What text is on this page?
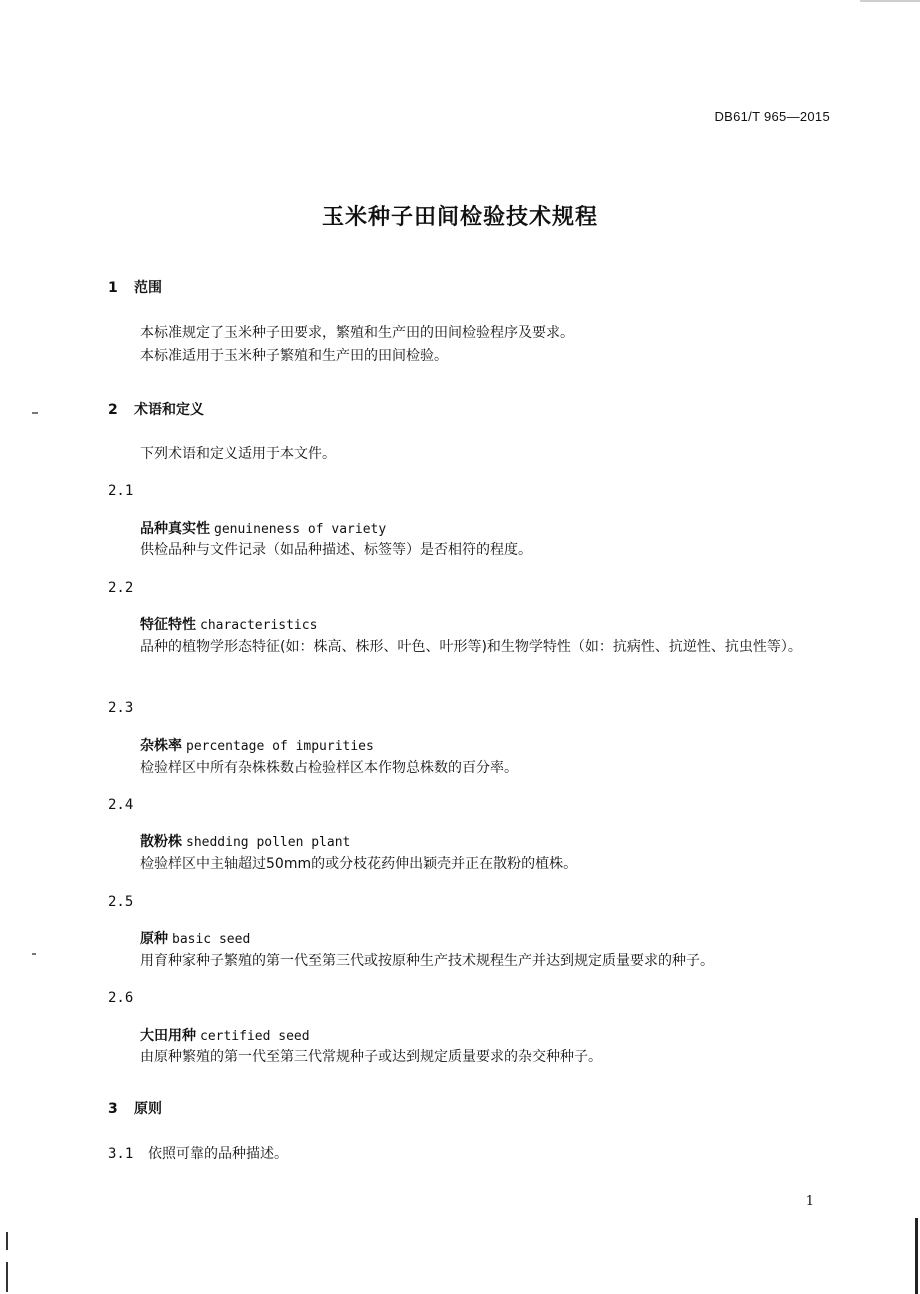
DB61/T 965—2015
玉米种子田间检验技术规程
1 范围
本标准规定了玉米种子田要求，繁殖和生产田的田间检验程序及要求。
本标准适用于玉米种子繁殖和生产田的田间检验。
2 术语和定义
下列术语和定义适用于本文件。
2.1
品种真实性 genuineness of variety
供检品种与文件记录（如品种描述、标签等）是否相符的程度。
2.2
特征特性 characteristics
品种的植物学形态特征(如：株高、株形、叶色、叶形等)和生物学特性（如：抗病性、抗逆性、抗虫性等）。
2.3
杂株率 percentage of impurities
检验样区中所有杂株株数占检验样区本作物总株数的百分率。
2.4
散粉株 shedding pollen plant
检验样区中主轴超过50mm的或分枝花药伸出颖壳并正在散粉的植株。
2.5
原种 basic seed
用育种家种子繁殖的第一代至第三代或按原种生产技术规程生产并达到规定质量要求的种子。
2.6
大田用种 certified seed
由原种繁殖的第一代至第三代常规种子或达到规定质量要求的杂交种种子。
3 原则
3.1 依照可靠的品种描述。
1
